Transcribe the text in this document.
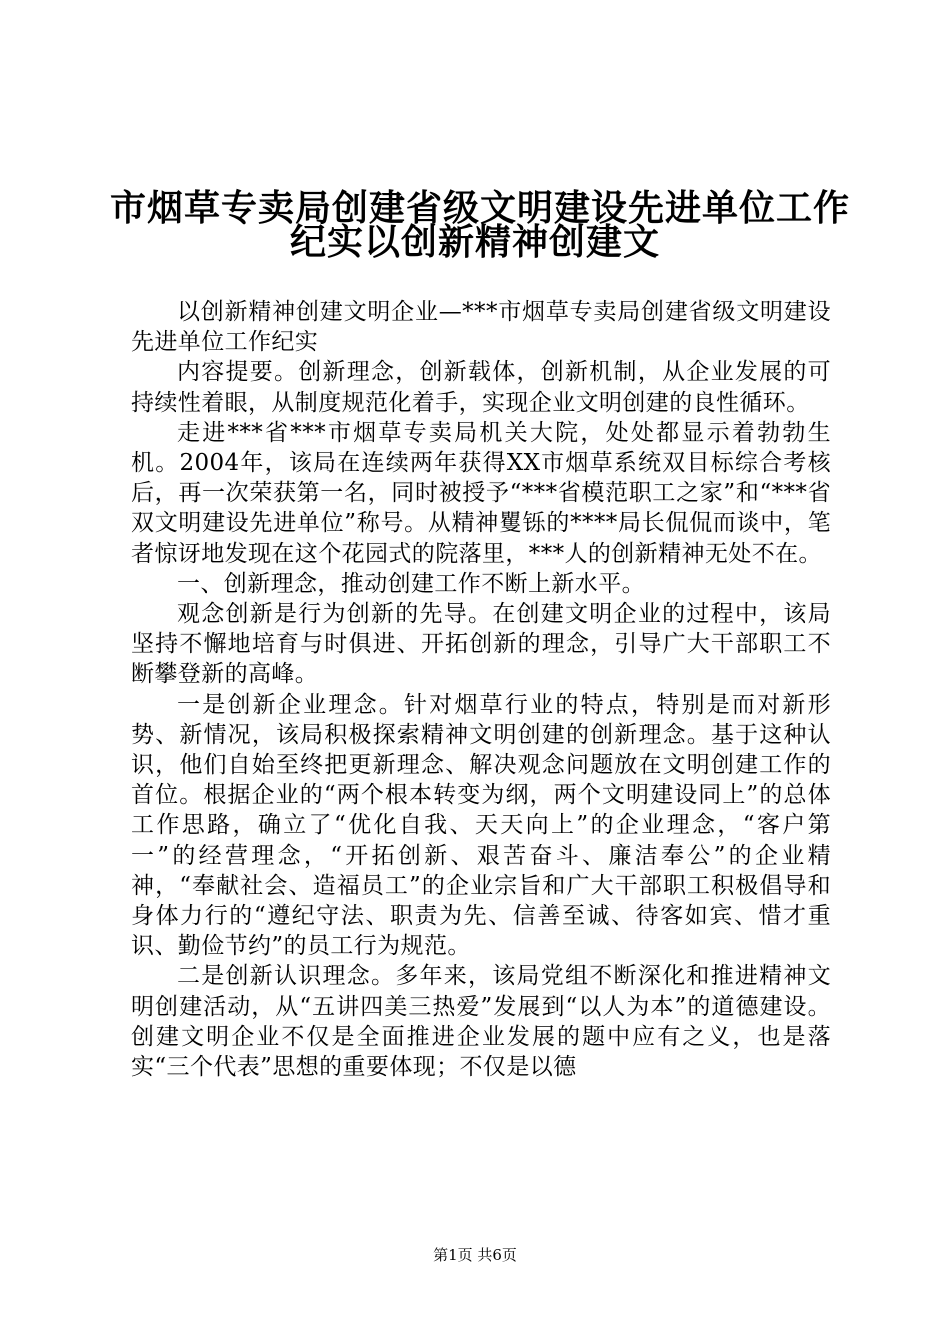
市烟草专卖局创建省级文明建设先进单位工作
纪实以创新精神创建文

以创新精神创建文明企业—***市烟草专卖局创建省级文明建设先进单位工作纪实

内容提要。创新理念，创新载体，创新机制，从企业发展的可持续性着眼，从制度规范化着手，实现企业文明创建的良性循环。

走进***省***市烟草专卖局机关大院，处处都显示着勃勃生机。2004年，该局在连续两年获得XX市烟草系统双目标综合考核后，再一次荣获第一名，同时被授予“***省模范职工之家”和“***省双文明建设先进单位”称号。从精神矍铄的****局长侃侃而谈中，笔者惊讶地发现在这个花园式的院落里，***人的创新精神无处不在。

一、创新理念，推动创建工作不断上新水平。

观念创新是行为创新的先导。在创建文明企业的过程中，该局坚持不懈地培育与时俱进、开拓创新的理念，引导广大干部职工不断攀登新的高峰。

一是创新企业理念。针对烟草行业的特点，特别是而对新形势、新情况，该局积极探索精神文明创建的创新理念。基于这种认识，他们自始至终把更新理念、解决观念问题放在文明创建工作的首位。根据企业的“两个根本转变为纲，两个文明建设同上”的总体工作思路，确立了“优化自我、天天向上”的企业理念，“客户第一”的经营理念，“开拓创新、艰苦奋斗、廉洁奉公”的企业精神，“奉献社会、造福员工”的企业宗旨和广大干部职工积极倡导和身体力行的“遵纪守法、职责为先、信善至诚、待客如宾、惜才重识、勤俭节约”的员工行为规范。

二是创新认识理念。多年来，该局党组不断深化和推进精神文明创建活动，从“五讲四美三热爱”发展到“以人为本”的道德建设。创建文明企业不仅是全面推进企业发展的题中应有之义，也是落实“三个代表”思想的重要体现；不仅是以德

第1页 共6页
